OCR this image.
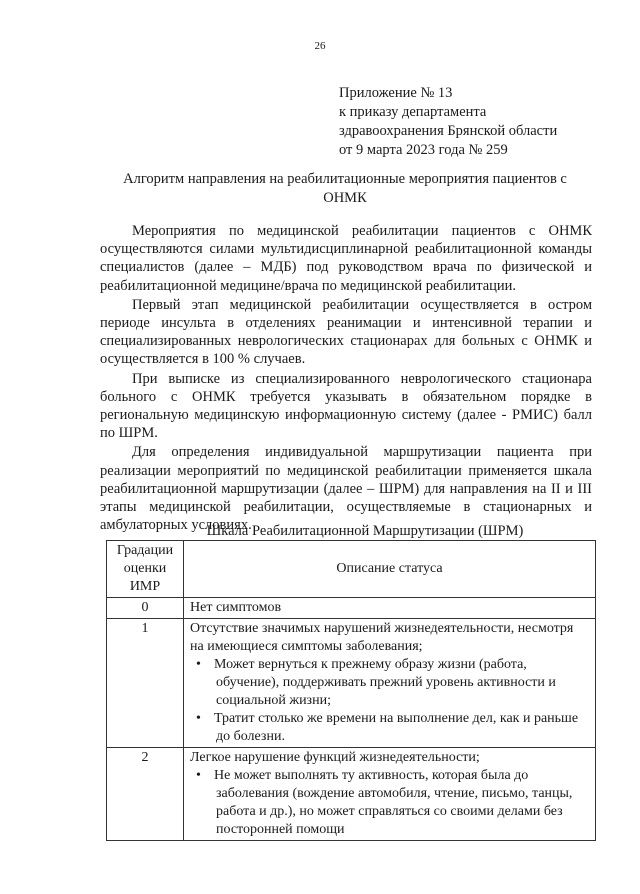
26
Приложение № 13
к приказу департамента
здравоохранения Брянской области
от 9 марта 2023 года № 259
Алгоритм направления на реабилитационные мероприятия пациентов с ОНМК

Мероприятия по медицинской реабилитации пациентов с ОНМК осуществляются силами мультидисциплинарной реабилитационной команды специалистов (далее – МДБ) под руководством врача по физической и реабилитационной медицине/врача по медицинской реабилитации.

Первый этап медицинской реабилитации осуществляется в остром периоде инсульта в отделениях реанимации и интенсивной терапии и специализированных неврологических стационарах для больных с ОНМК и осуществляется в 100 % случаев.

При выписке из специализированного неврологического стационара больного с ОНМК требуется указывать в обязательном порядке в региональную медицинскую информационную систему (далее - РМИС) балл по ШРМ.

Для определения индивидуальной маршрутизации пациента при реализации мероприятий по медицинской реабилитации применяется шкала реабилитационной маршрутизации (далее – ШРМ) для направления на II и III этапы медицинской реабилитации, осуществляемые в стационарных и амбулаторных условиях.

Шкала Реабилитационной Маршрутизации (ШРМ)
Градации оценки ИМР	Описание статуса
0	Нет симптомов

1	Отсутствие значимых нарушений жизнедеятельности, несмотря на имеющиеся симптомы заболевания;
• Может вернуться к прежнему образу жизни (работа, обучение), поддерживать прежний уровень активности и социальной жизни;
• Тратит столько же времени на выполнение дел, как и раньше до болезни.

2	Легкое нарушение функций жизнедеятельности;
• Не может выполнять ту активность, которая была до заболевания (вождение автомобиля, чтение, письмо, танцы, работа и др.), но может справляться со своими делами без посторонней помощи
